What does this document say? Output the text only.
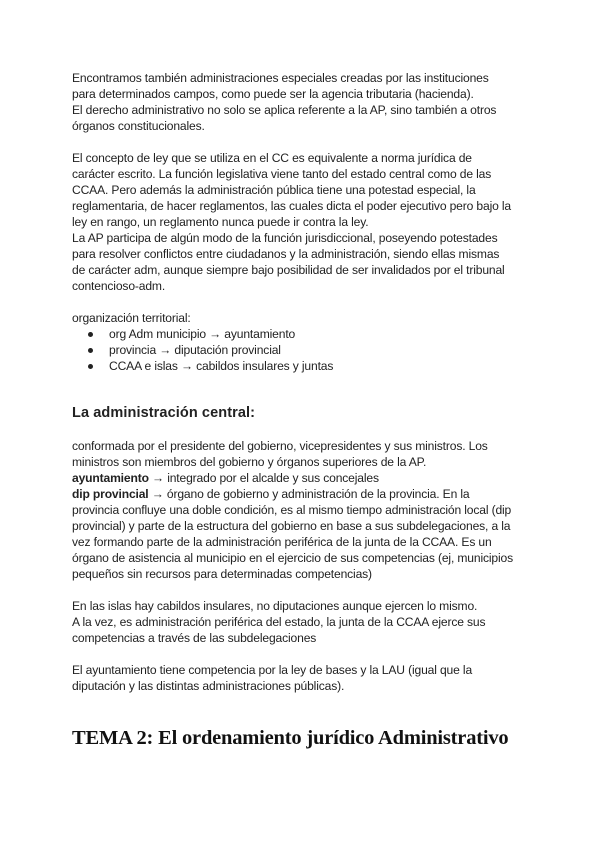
Encontramos también administraciones especiales creadas por las instituciones

para determinados campos, como puede ser la agencia tributaria (hacienda).

El derecho administrativo no solo se aplica referente a la AP, sino también a otros

órganos constitucionales.

El concepto de ley que se utiliza en el CC es equivalente a norma jurídica de

carácter escrito. La función legislativa viene tanto del estado central como de las

CCAA. Pero además la administración pública tiene una potestad especial, la

reglamentaria, de hacer reglamentos, las cuales dicta el poder ejecutivo pero bajo la

ley en rango, un reglamento nunca puede ir contra la ley.

La AP participa de algún modo de la función jurisdiccional, poseyendo potestades

para resolver conflictos entre ciudadanos y la administración, siendo ellas mismas

de carácter adm, aunque siempre bajo posibilidad de ser invalidados por el tribunal

contencioso-adm.

organización territorial:

org Adm municipio → ayuntamiento
provincia → diputación provincial
CCAA e islas → cabildos insulares y juntas
La administración central:

conformada por el presidente del gobierno, vicepresidentes y sus ministros. Los

ministros son miembros del gobierno y órganos superiores de la AP.

ayuntamiento → integrado por el alcalde y sus concejales

dip provincial → órgano de gobierno y administración de la provincia. En la

provincia confluye una doble condición, es al mismo tiempo administración local (dip

provincial) y parte de la estructura del gobierno en base a sus subdelegaciones, a la

vez formando parte de la administración periférica de la junta de la CCAA. Es un

órgano de asistencia al municipio en el ejercicio de sus competencias (ej, municipios

pequeños sin recursos para determinadas competencias)

En las islas hay cabildos insulares, no diputaciones aunque ejercen lo mismo.

A la vez, es administración periférica del estado, la junta de la CCAA ejerce sus

competencias a través de las subdelegaciones

El ayuntamiento tiene competencia por la ley de bases y la LAU (igual que la

diputación y las distintas administraciones públicas).

TEMA 2: El ordenamiento jurídico Administrativo
